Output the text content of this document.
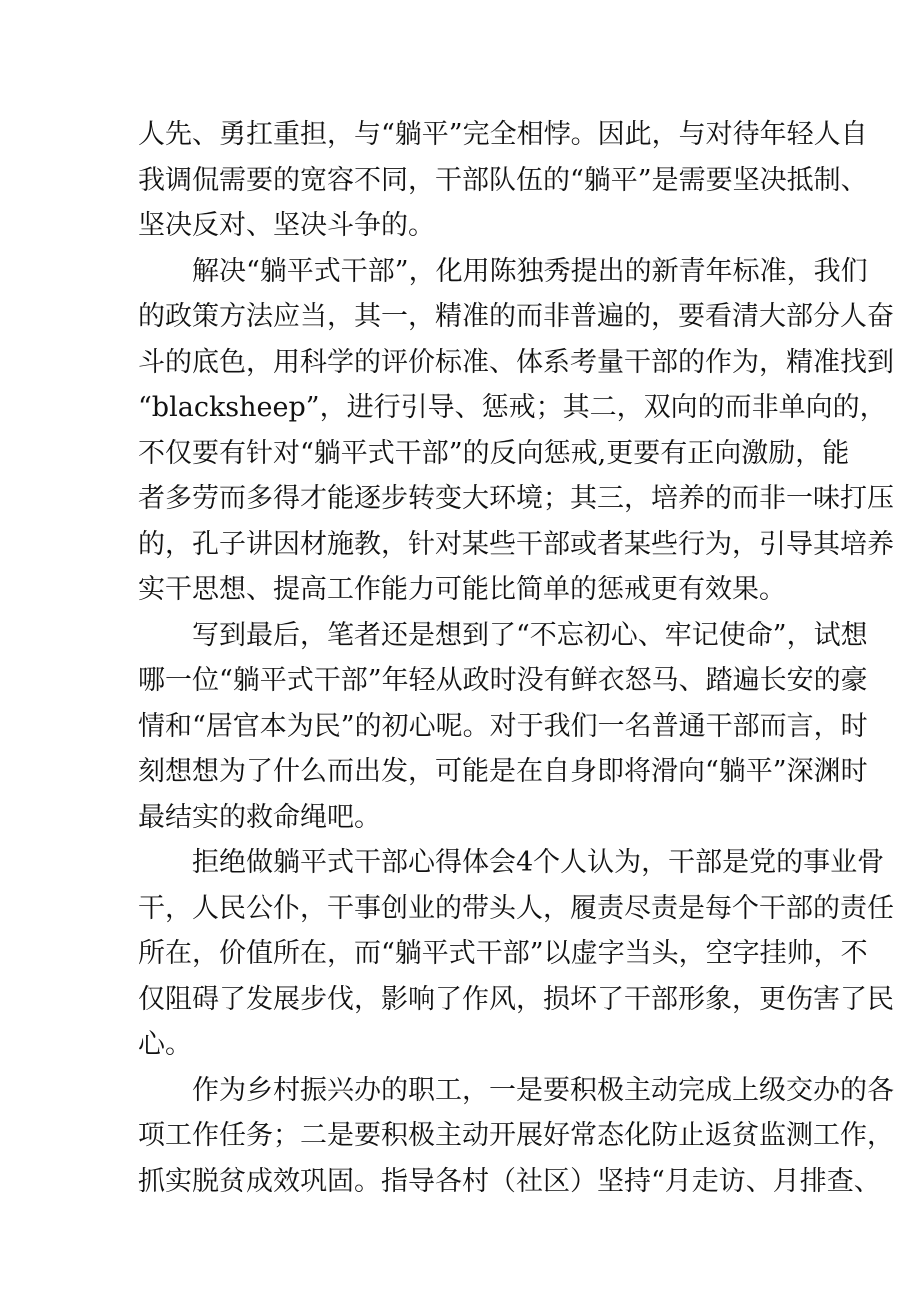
人先、勇扛重担，与“躺平”完全相悖。因此，与对待年轻人自
我调侃需要的宽容不同，干部队伍的“躺平”是需要坚决抵制、
坚决反对、坚决斗争的。
　　解决“躺平式干部”，化用陈独秀提出的新青年标准，我们
的政策方法应当，其一，精准的而非普遍的，要看清大部分人奋
斗的底色，用科学的评价标准、体系考量干部的作为，精准找到
“blacksheep”，进行引导、惩戒；其二，双向的而非单向的，
不仅要有针对“躺平式干部”的反向惩戒,更要有正向激励，能
者多劳而多得才能逐步转变大环境；其三，培养的而非一味打压
的，孔子讲因材施教，针对某些干部或者某些行为，引导其培养
实干思想、提高工作能力可能比简单的惩戒更有效果。
　　写到最后，笔者还是想到了“不忘初心、牢记使命”，试想
哪一位“躺平式干部”年轻从政时没有鲜衣怒马、踏遍长安的豪
情和“居官本为民”的初心呢。对于我们一名普通干部而言，时
刻想想为了什么而出发，可能是在自身即将滑向“躺平”深渊时
最结实的救命绳吧。
　　拒绝做躺平式干部心得体会4个人认为，干部是党的事业骨
干，人民公仆，干事创业的带头人，履责尽责是每个干部的责任
所在，价值所在，而“躺平式干部”以虚字当头，空字挂帅，不
仅阻碍了发展步伐，影响了作风，损坏了干部形象，更伤害了民
心。
　　作为乡村振兴办的职工，一是要积极主动完成上级交办的各
项工作任务；二是要积极主动开展好常态化防止返贫监测工作，
抓实脱贫成效巩固。指导各村（社区）坚持“月走访、月排查、
